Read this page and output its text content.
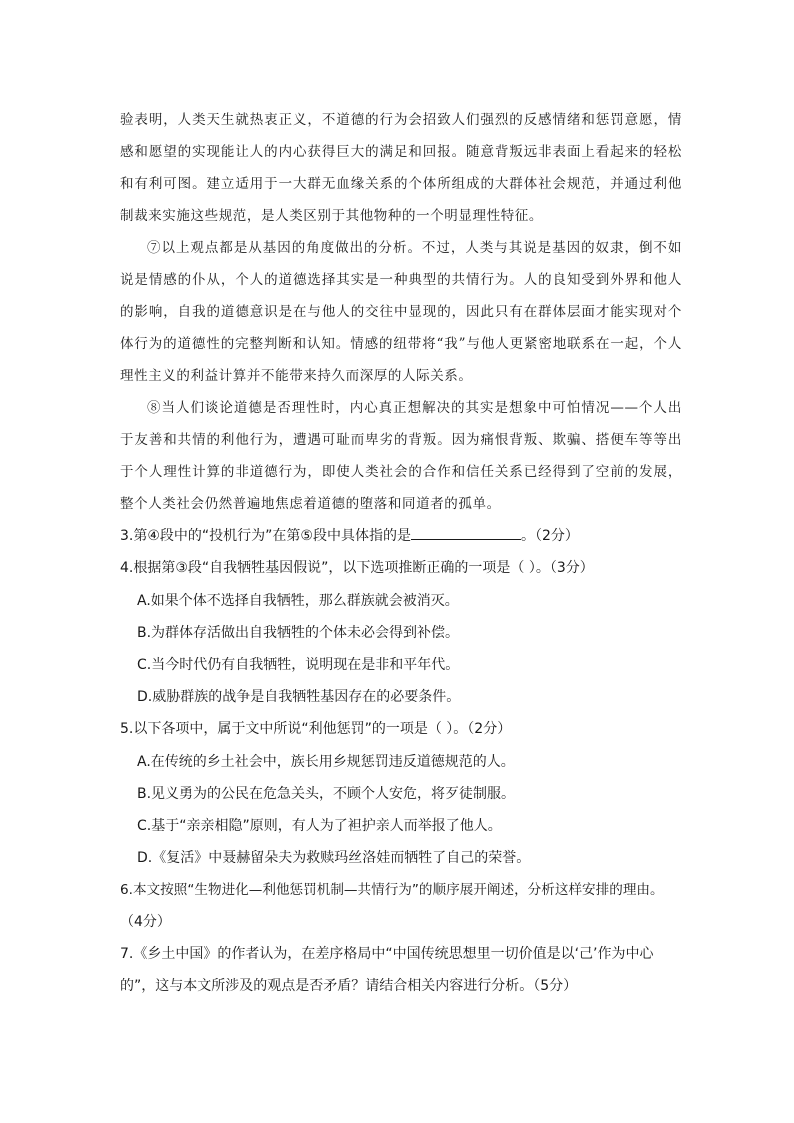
验表明，人类天生就热衷正义，不道德的行为会招致人们强烈的反感情绪和惩罚意愿，情感和愿望的实现能让人的内心获得巨大的满足和回报。随意背叛远非表面上看起来的轻松和有利可图。建立适用于一大群无血缘关系的个体所组成的大群体社会规范，并通过利他制裁来实施这些规范，是人类区别于其他物种的一个明显理性特征。

⑦以上观点都是从基因的角度做出的分析。不过，人类与其说是基因的奴隶，倒不如说是情感的仆从，个人的道德选择其实是一种典型的共情行为。人的良知受到外界和他人的影响，自我的道德意识是在与他人的交往中显现的，因此只有在群体层面才能实现对个体行为的道德性的完整判断和认知。情感的纽带将“我”与他人更紧密地联系在一起，个人理性主义的利益计算并不能带来持久而深厚的人际关系。

⑧当人们谈论道德是否理性时，内心真正想解决的其实是想象中可怕情况——个人出于友善和共情的利他行为，遭遇可耻而卑劣的背叛。因为痛恨背叛、欺骗、搭便车等等出于个人理性计算的非道德行为，即使人类社会的合作和信任关系已经得到了空前的发展，整个人类社会仍然普遍地焦虑着道德的堕落和同道者的孤单。

3.第④段中的“投机行为”在第⑤段中具体指的是	。（2分）

4.根据第③段“自我牺牲基因假说”，以下选项推断正确的一项是（ ）。（3分）

A.如果个体不选择自我牺牲，那么群族就会被消灭。

B.为群体存活做出自我牺牲的个体未必会得到补偿。

C.当今时代仍有自我牺牲，说明现在是非和平年代。

D.威胁群族的战争是自我牺牲基因存在的必要条件。

5.以下各项中，属于文中所说“利他惩罚”的一项是（ ）。（2分）

A.在传统的乡土社会中，族长用乡规惩罚违反道德规范的人。

B.见义勇为的公民在危急关头，不顾个人安危，将歹徒制服。

C.基于“亲亲相隐”原则，有人为了袒护亲人而举报了他人。

D.《复活》中聂赫留朵夫为救赎玛丝洛娃而牺牲了自己的荣誉。

6.本文按照“生物进化—利他惩罚机制—共情行为”的顺序展开阐述，分析这样安排的理由。

（4分）

7.《乡土中国》的作者认为，在差序格局中“中国传统思想里一切价值是以‘己’作为中心

的”，这与本文所涉及的观点是否矛盾？请结合相关内容进行分析。（5分）
